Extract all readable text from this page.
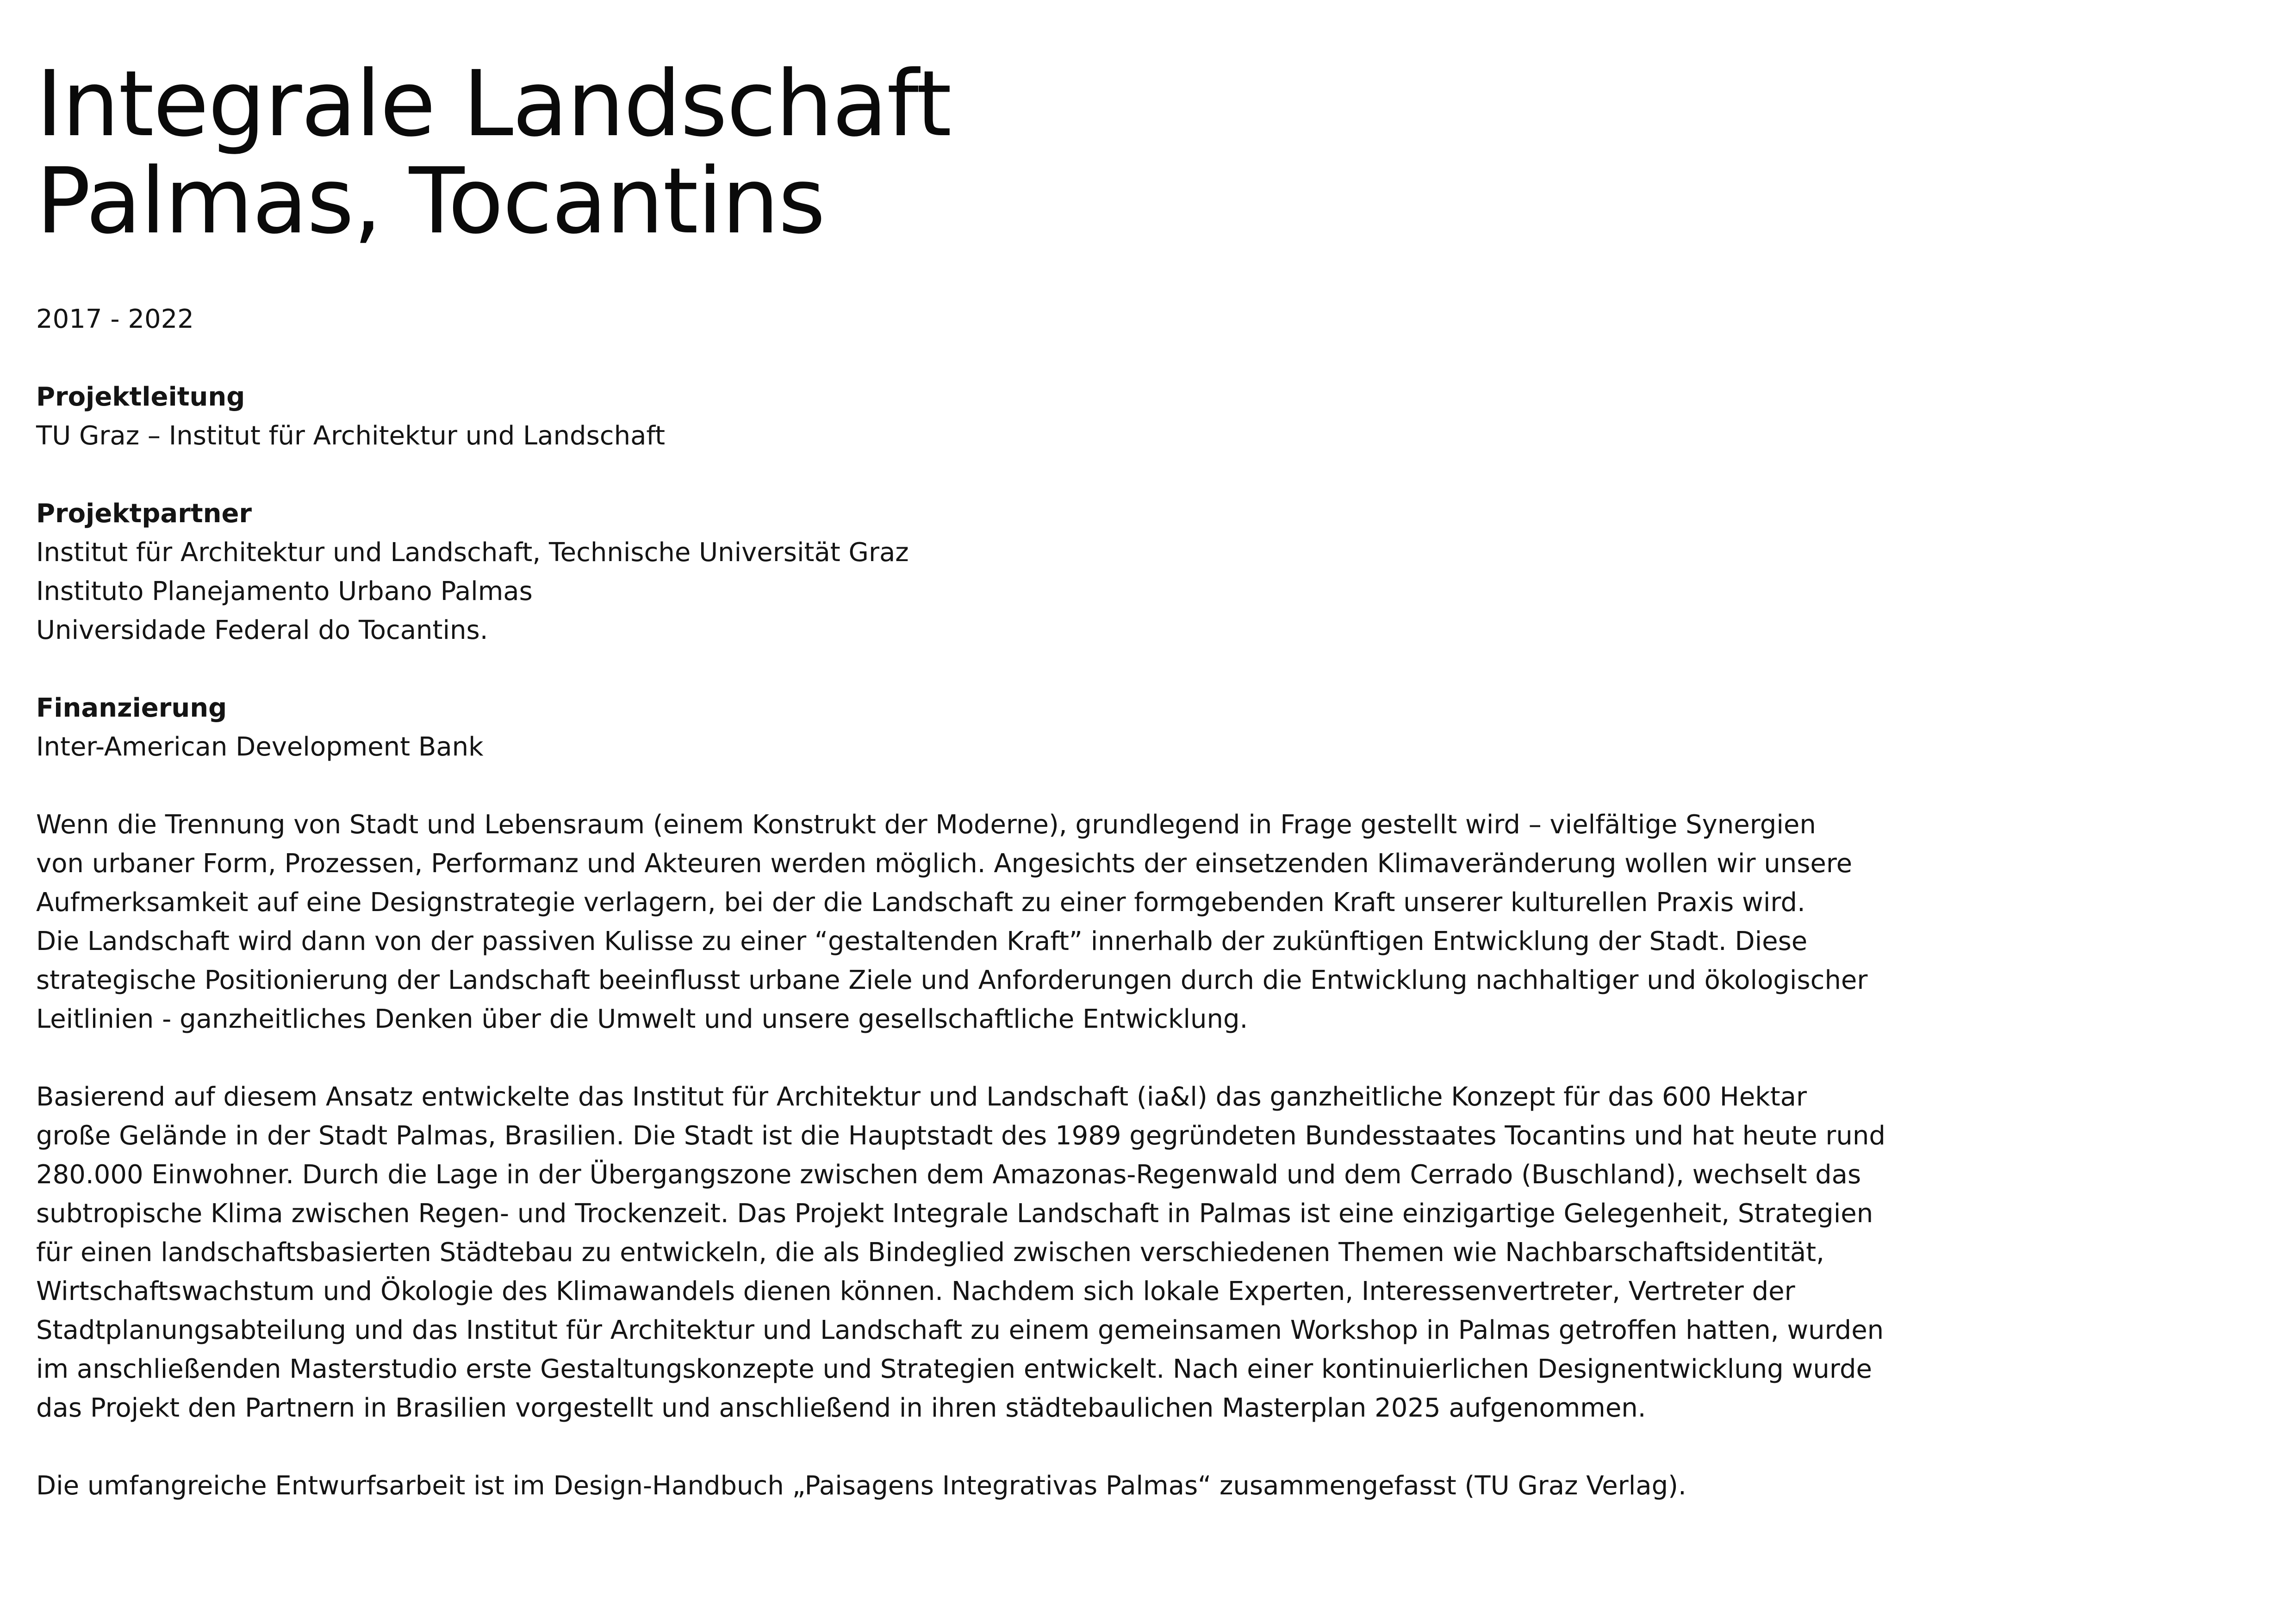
Integrale Landschaft
Palmas, Tocantins
2017 - 2022
Projektleitung
TU Graz – Institut für Architektur und Landschaft
Projektpartner
Institut für Architektur und Landschaft, Technische Universität Graz
Instituto Planejamento Urbano Palmas
Universidade Federal do Tocantins.
Finanzierung
Inter-American Development Bank
Wenn die Trennung von Stadt und Lebensraum (einem Konstrukt der Moderne), grundlegend in Frage gestellt wird – vielfältige Synergien
von urbaner Form, Prozessen, Performanz und Akteuren werden möglich. Angesichts der einsetzenden Klimaveränderung wollen wir unsere
Aufmerksamkeit auf eine Designstrategie verlagern, bei der die Landschaft zu einer formgebenden Kraft unserer kulturellen Praxis wird.
Die Landschaft wird dann von der passiven Kulisse zu einer “gestaltenden Kraft” innerhalb der zukünftigen Entwicklung der Stadt. Diese
strategische Positionierung der Landschaft beeinflusst urbane Ziele und Anforderungen durch die Entwicklung nachhaltiger und ökologischer
Leitlinien - ganzheitliches Denken über die Umwelt und unsere gesellschaftliche Entwicklung.
Basierend auf diesem Ansatz entwickelte das Institut für Architektur und Landschaft (ia&l) das ganzheitliche Konzept für das 600 Hektar
große Gelände in der Stadt Palmas, Brasilien. Die Stadt ist die Hauptstadt des 1989 gegründeten Bundesstaates Tocantins und hat heute rund
280.000 Einwohner. Durch die Lage in der Übergangszone zwischen dem Amazonas-Regenwald und dem Cerrado (Buschland), wechselt das
subtropische Klima zwischen Regen- und Trockenzeit. Das Projekt Integrale Landschaft in Palmas ist eine einzigartige Gelegenheit, Strategien
für einen landschaftsbasierten Städtebau zu entwickeln, die als Bindeglied zwischen verschiedenen Themen wie Nachbarschaftsidentität,
Wirtschaftswachstum und Ökologie des Klimawandels dienen können. Nachdem sich lokale Experten, Interessenvertreter, Vertreter der
Stadtplanungsabteilung und das Institut für Architektur und Landschaft zu einem gemeinsamen Workshop in Palmas getroffen hatten, wurden
im anschließenden Masterstudio erste Gestaltungskonzepte und Strategien entwickelt. Nach einer kontinuierlichen Designentwicklung wurde
das Projekt den Partnern in Brasilien vorgestellt und anschließend in ihren städtebaulichen Masterplan 2025 aufgenommen.
Die umfangreiche Entwurfsarbeit ist im Design-Handbuch „Paisagens Integrativas Palmas“ zusammengefasst (TU Graz Verlag).
